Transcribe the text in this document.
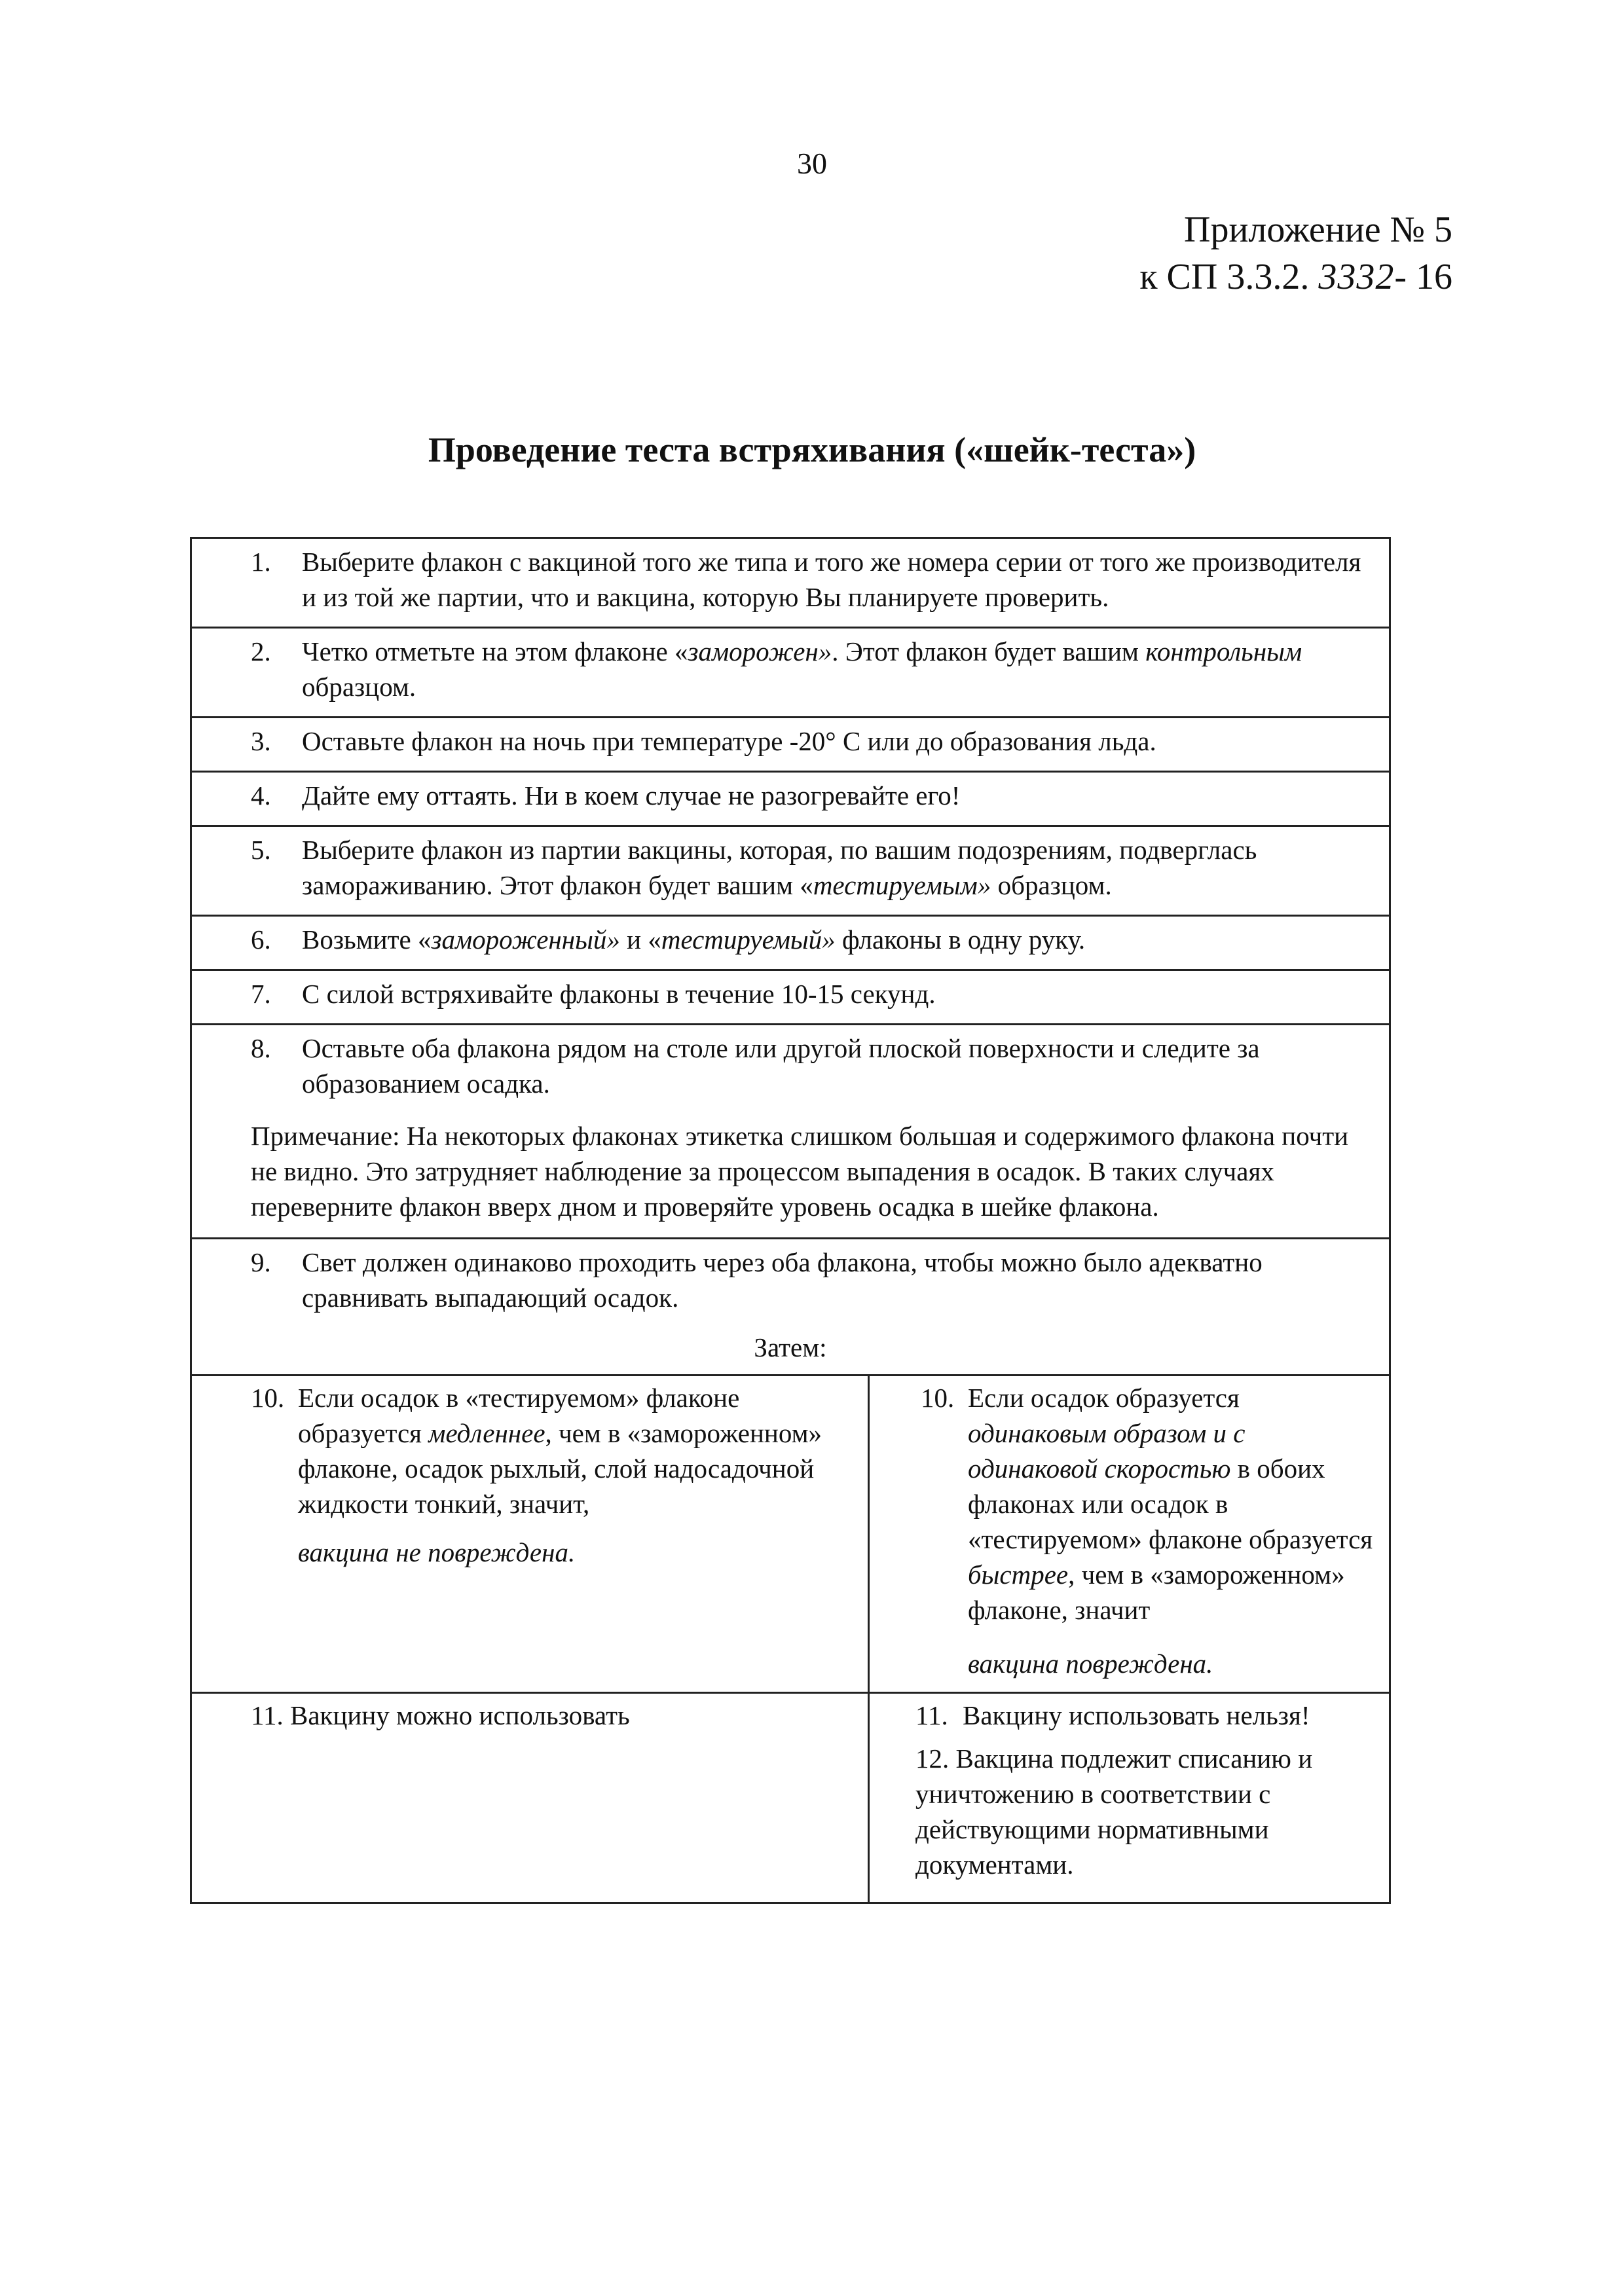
30
Приложение № 5
к СП 3.3.2. 3332- 16
Проведение теста встряхивания («шейк-теста»)
1.	Выберите флакон с вакциной того же типа и того же номера серии от того же производителя и из той же партии, что и вакцина, которую Вы планируете проверить.
2.	Четко отметьте на этом флаконе «заморожен». Этот флакон будет вашим контрольным образцом.
3.	Оставьте флакон на ночь при температуре -20° С или до образования льда.
4.	Дайте ему оттаять. Ни в коем случае не разогревайте его!
5.	Выберите флакон из партии вакцины, которая, по вашим подозрениям, подверглась замораживанию. Этот флакон будет вашим «тестируемым» образцом.
6.	Возьмите «замороженный» и «тестируемый» флаконы в одну руку.
7.	С силой встряхивайте флаконы в течение 10-15 секунд.
8.	Оставьте оба флакона рядом на столе или другой плоской поверхности и следите за образованием осадка.
Примечание: На некоторых флаконах этикетка слишком большая и содержимого флакона почти не видно. Это затрудняет наблюдение за процессом выпадения в осадок. В таких случаях переверните флакон вверх дном и проверяйте уровень осадка в шейке флакона.
9.	Свет должен одинаково проходить через оба флакона, чтобы можно было адекватно сравнивать выпадающий осадок.
Затем:
10. Если осадок в «тестируемом» флаконе образуется медленнее, чем в «замороженном» флаконе, осадок рыхлый, слой надосадочной жидкости тонкий, значит,
вакцина не повреждена.
10. Если осадок образуется одинаковым образом и с одинаковой скоростью в обоих флаконах или осадок в «тестируемом» флаконе образуется быстрее, чем в «замороженном» флаконе, значит
вакцина повреждена.
11. Вакцину можно использовать	11. Вакцину использовать нельзя!
12. Вакцина подлежит списанию и уничтожению в соответствии с действующими нормативными документами.
